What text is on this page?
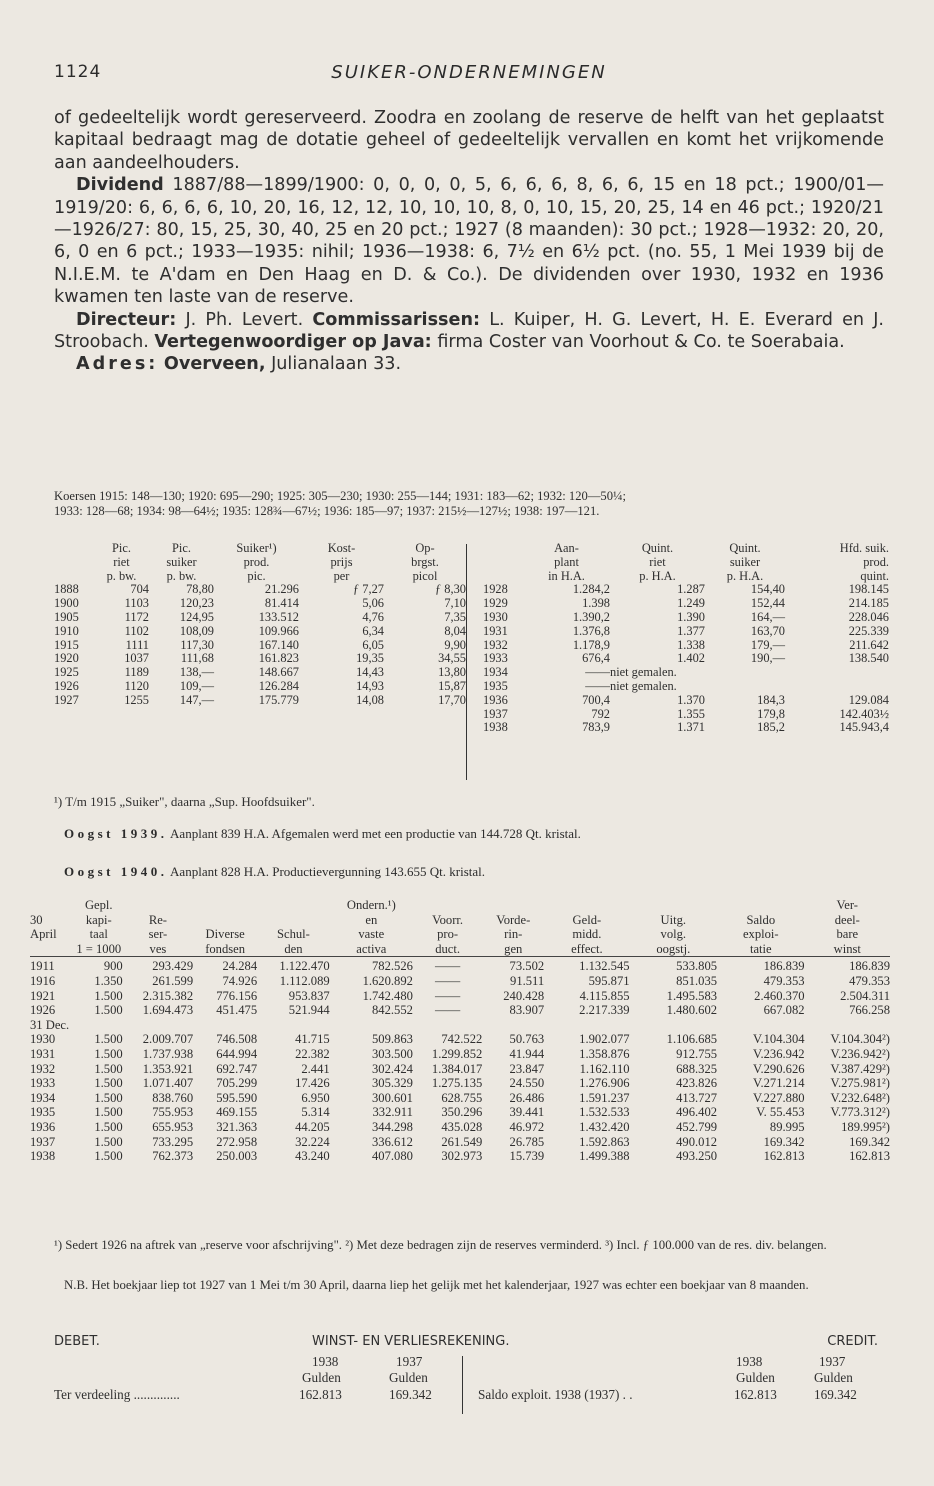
1124	SUIKER-ONDERNEMINGEN

of gedeeltelijk wordt gereserveerd. Zoodra en zoolang de reserve de helft van het geplaatst kapitaal bedraagt mag de dotatie geheel of gedeeltelijk vervallen en komt het vrijkomende aan aandeelhouders.

Dividend 1887/88—1899/1900: 0, 0, 0, 0, 5, 6, 6, 6, 8, 6, 6, 15 en 18 pct.; 1900/01—1919/20: 6, 6, 6, 6, 10, 20, 16, 12, 12, 10, 10, 10, 8, 0, 10, 15, 20, 25, 14 en 46 pct.; 1920/21—1926/27: 80, 15, 25, 30, 40, 25 en 20 pct.; 1927 (8 maanden): 30 pct.; 1928—1932: 20, 20, 6, 0 en 6 pct.; 1933—1935: nihil; 1936—1938: 6, 7½ en 6½ pct. (no. 55, 1 Mei 1939 bij de N.I.E.M. te A'dam en Den Haag en D. & Co.). De dividenden over 1930, 1932 en 1936 kwamen ten laste van de reserve.

Directeur: J. Ph. Levert. Commissarissen: L. Kuiper, H. G. Levert, H. E. Everard en J. Stroobach. Vertegenwoordiger op Java: firma Coster van Voorhout & Co. te Soerabaia.

Adres: Overveen, Julianalaan 33.

Koersen 1915: 148—130; 1920: 695—290; 1925: 305—230; 1930: 255—144; 1931: 183—62; 1932: 120—50¼;
1933: 128—68; 1934: 98—64½; 1935: 128¾—67½; 1936: 185—97; 1937: 215½—127½; 1938: 197—121.
	Pic.	Pic.	Suiker¹)	Kost-	Op-
	riet	suiker	prod.	prijs	brgst.
	p. bw.	p. bw.	pic.	per	picol
1888	704	78,80	21.296	ƒ 7,27	ƒ 8,30
1900	1103	120,23	81.414	5,06	7,10
1905	1172	124,95	133.512	4,76	7,35
1910	1102	108,09	109.966	6,34	8,04
1915	1111	117,30	167.140	6,05	9,90
1920	1037	111,68	161.823	19,35	34,55
1925	1189	138,—	148.667	14,43	13,80
1926	1120	109,—	126.284	14,93	15,87
1927	1255	147,—	175.779	14,08	17,70
	Aan-	Quint.	Quint.	Hfd. suik.
	plant	riet	suiker	prod.
	in H.A.	p. H.A.	p. H.A.	quint.
1928	1.284,2	1.287	154,40	198.145
1929	1.398	1.249	152,44	214.185
1930	1.390,2	1.390	164,—	228.046
1931	1.376,8	1.377	163,70	225.339
1932	1.178,9	1.338	179,—	211.642
1933	676,4	1.402	190,—	138.540
1934	——	niet gemalen.		
1935	——	niet gemalen.		
1936	700,4	1.370	184,3	129.084
1937	792	1.355	179,8	142.403½
1938	783,9	1.371	185,2	145.943,4
¹) T/m 1915 „Suiker", daarna „Sup. Hoofdsuiker".
Oogst 1939. Aanplant 839 H.A. Afgemalen werd met een productie van 144.728 Qt. kristal.
Oogst 1940. Aanplant 828 H.A. Productievergunning 143.655 Qt. kristal.
	Gepl.				Ondern.¹)						Ver-
30	kapi-	Re-			en	Voorr.	Vorde-	Geld-	Uitg.	Saldo	deel-
April	taal	ser-	Diverse	Schul-	vaste	pro-	rin-	midd.	volg.	exploi-	bare
	1 = 1000	ves	fondsen	den	activa	duct.	gen	effect.	oogstj.	tatie	winst

1911	900	293.429	24.284	1.122.470	782.526	——	73.502	1.132.545	533.805	186.839	186.839
1916	1.350	261.599	74.926	1.112.089	1.620.892	——	91.511	595.871	851.035	479.353	479.353
1921	1.500	2.315.382	776.156	953.837	1.742.480	——	240.428	4.115.855	1.495.583	2.460.370	2.504.311
1926	1.500	1.694.473	451.475	521.944	842.552	——	83.907	2.217.339	1.480.602	667.082	766.258
31 Dec.											
1930	1.500	2.009.707	746.508	41.715	509.863	742.522	50.763	1.902.077	1.106.685	V.104.304	V.104.304²)
1931	1.500	1.737.938	644.994	22.382	303.500	1.299.852	41.944	1.358.876	912.755	V.236.942	V.236.942²)
1932	1.500	1.353.921	692.747	2.441	302.424	1.384.017	23.847	1.162.110	688.325	V.290.626	V.387.429²)
1933	1.500	1.071.407	705.299	17.426	305.329	1.275.135	24.550	1.276.906	423.826	V.271.214	V.275.981²)
1934	1.500	838.760	595.590	6.950	300.601	628.755	26.486	1.591.237	413.727	V.227.880	V.232.648²)
1935	1.500	755.953	469.155	5.314	332.911	350.296	39.441	1.532.533	496.402	V. 55.453	V.773.312²)
1936	1.500	655.953	321.363	44.205	344.298	435.028	46.972	1.432.420	452.799	89.995	189.995²)
1937	1.500	733.295	272.958	32.224	336.612	261.549	26.785	1.592.863	490.012	169.342	169.342
1938	1.500	762.373	250.003	43.240	407.080	302.973	15.739	1.499.388	493.250	162.813	162.813
¹) Sedert 1926 na aftrek van „reserve voor afschrijving". ²) Met deze bedragen zijn de reserves verminderd. ³) Incl. ƒ 100.000 van de res. div. belangen.
N.B. Het boekjaar liep tot 1927 van 1 Mei t/m 30 April, daarna liep het gelijk met het kalenderjaar, 1927 was echter een boekjaar van 8 maanden.
DEBET.	WINST- EN VERLIESREKENING.	CREDIT.
1938	1937	1938	1937
Gulden	Gulden	Gulden	Gulden
Ter verdeeling ..............	162.813	169.342	Saldo exploit. 1938 (1937) . .	162.813	169.342
